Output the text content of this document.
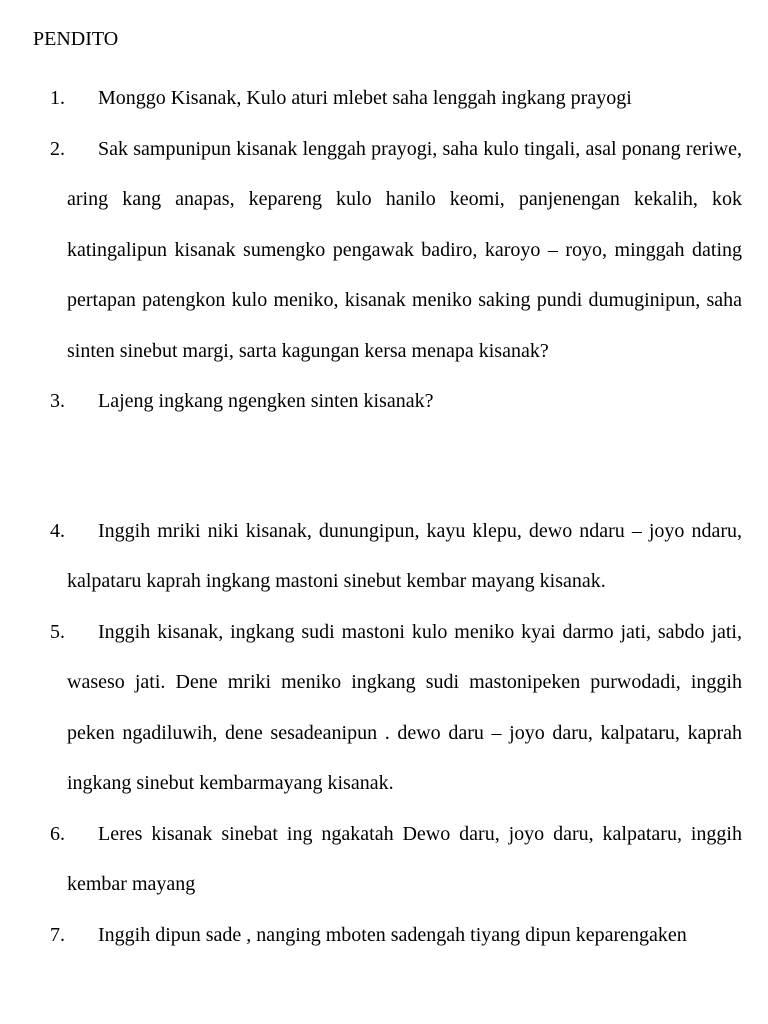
PENDITO
1.	Monggo Kisanak, Kulo aturi mlebet saha lenggah ingkang prayogi
2.	Sak sampunipun kisanak lenggah prayogi, saha kulo tingali, asal ponang reriwe, aring kang anapas, kepareng kulo hanilo keomi, panjenengan kekalih, kok katingalipun kisanak sumengko pengawak badiro, karoyo – royo, minggah dating pertapan patengkon kulo meniko, kisanak meniko saking pundi dumuginipun, saha sinten sinebut margi, sarta kagungan kersa menapa kisanak?
3.	Lajeng ingkang ngengken sinten kisanak?
4.	Inggih mriki niki kisanak, dunungipun, kayu klepu, dewo ndaru – joyo ndaru, kalpataru kaprah ingkang mastoni sinebut kembar mayang kisanak.
5.	Inggih kisanak, ingkang sudi mastoni kulo meniko kyai darmo jati, sabdo jati, waseso jati. Dene mriki meniko ingkang sudi mastonipeken purwodadi, inggih peken ngadiluwih, dene sesadeanipun . dewo daru – joyo daru, kalpataru, kaprah ingkang sinebut kembarmayang kisanak.
6.	Leres kisanak sinebat ing ngakatah Dewo daru, joyo daru, kalpataru, inggih kembar mayang
7.	Inggih dipun sade , nanging mboten sadengah tiyang dipun keparengaken
